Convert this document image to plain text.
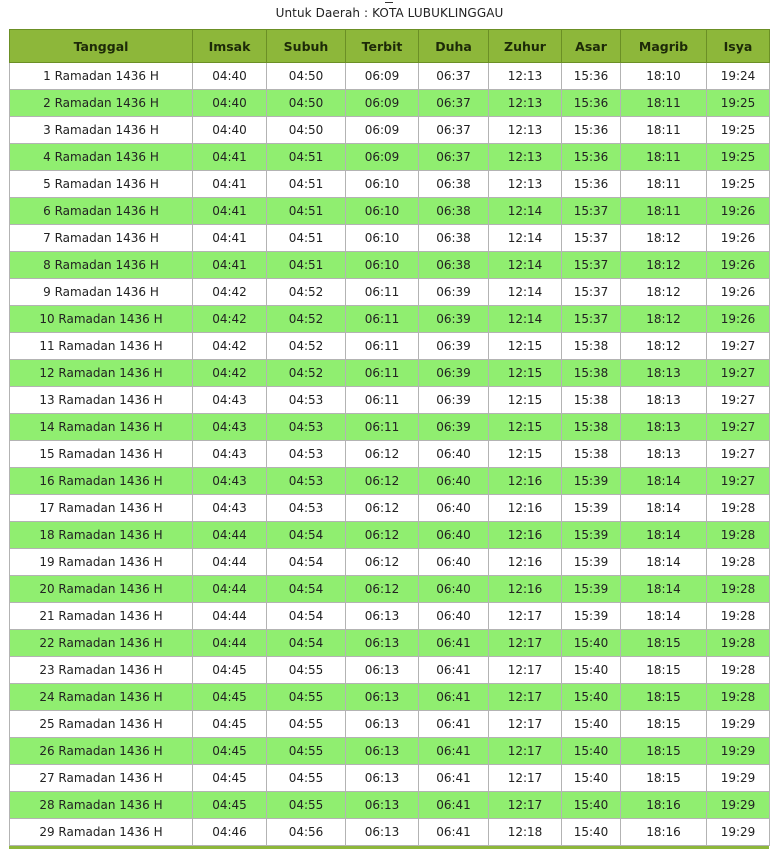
Untuk Daerah : KOTA LUBUKLINGGAU
Tanggal	Imsak	Subuh	Terbit	Duha	Zuhur	Asar	Magrib	Isya
1 Ramadan 1436 H	04:40	04:50	06:09	06:37	12:13	15:36	18:10	19:24
2 Ramadan 1436 H	04:40	04:50	06:09	06:37	12:13	15:36	18:11	19:25
3 Ramadan 1436 H	04:40	04:50	06:09	06:37	12:13	15:36	18:11	19:25
4 Ramadan 1436 H	04:41	04:51	06:09	06:37	12:13	15:36	18:11	19:25
5 Ramadan 1436 H	04:41	04:51	06:10	06:38	12:13	15:36	18:11	19:25
6 Ramadan 1436 H	04:41	04:51	06:10	06:38	12:14	15:37	18:11	19:26
7 Ramadan 1436 H	04:41	04:51	06:10	06:38	12:14	15:37	18:12	19:26
8 Ramadan 1436 H	04:41	04:51	06:10	06:38	12:14	15:37	18:12	19:26
9 Ramadan 1436 H	04:42	04:52	06:11	06:39	12:14	15:37	18:12	19:26
10 Ramadan 1436 H	04:42	04:52	06:11	06:39	12:14	15:37	18:12	19:26
11 Ramadan 1436 H	04:42	04:52	06:11	06:39	12:15	15:38	18:12	19:27
12 Ramadan 1436 H	04:42	04:52	06:11	06:39	12:15	15:38	18:13	19:27
13 Ramadan 1436 H	04:43	04:53	06:11	06:39	12:15	15:38	18:13	19:27
14 Ramadan 1436 H	04:43	04:53	06:11	06:39	12:15	15:38	18:13	19:27
15 Ramadan 1436 H	04:43	04:53	06:12	06:40	12:15	15:38	18:13	19:27
16 Ramadan 1436 H	04:43	04:53	06:12	06:40	12:16	15:39	18:14	19:27
17 Ramadan 1436 H	04:43	04:53	06:12	06:40	12:16	15:39	18:14	19:28
18 Ramadan 1436 H	04:44	04:54	06:12	06:40	12:16	15:39	18:14	19:28
19 Ramadan 1436 H	04:44	04:54	06:12	06:40	12:16	15:39	18:14	19:28
20 Ramadan 1436 H	04:44	04:54	06:12	06:40	12:16	15:39	18:14	19:28
21 Ramadan 1436 H	04:44	04:54	06:13	06:40	12:17	15:39	18:14	19:28
22 Ramadan 1436 H	04:44	04:54	06:13	06:41	12:17	15:40	18:15	19:28
23 Ramadan 1436 H	04:45	04:55	06:13	06:41	12:17	15:40	18:15	19:28
24 Ramadan 1436 H	04:45	04:55	06:13	06:41	12:17	15:40	18:15	19:28
25 Ramadan 1436 H	04:45	04:55	06:13	06:41	12:17	15:40	18:15	19:29
26 Ramadan 1436 H	04:45	04:55	06:13	06:41	12:17	15:40	18:15	19:29
27 Ramadan 1436 H	04:45	04:55	06:13	06:41	12:17	15:40	18:15	19:29
28 Ramadan 1436 H	04:45	04:55	06:13	06:41	12:17	15:40	18:16	19:29
29 Ramadan 1436 H	04:46	04:56	06:13	06:41	12:18	15:40	18:16	19:29
